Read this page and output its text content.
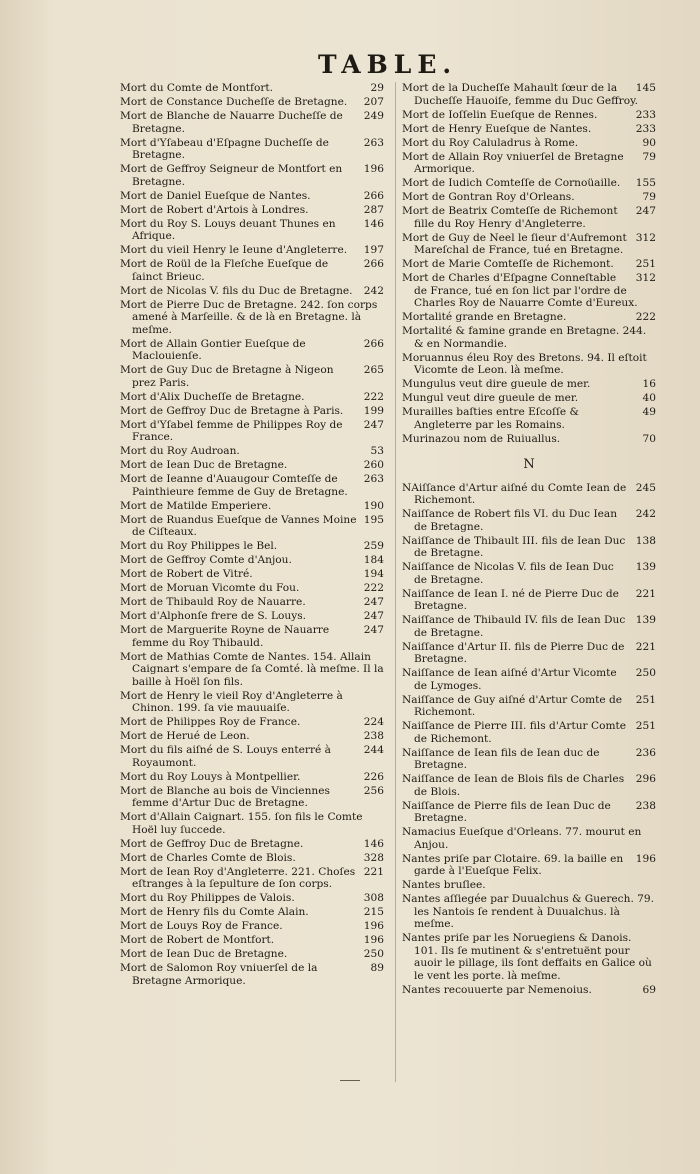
TABLE.

29
Mort du Comte de Montfort.

207
Mort de Constance Ducheſſe de Bretagne.

249
Mort de Blanche de Nauarre Ducheſſe de Bretagne.

263
Mort d'Yſabeau d'Eſpagne Ducheſſe de Bretagne.

196
Mort de Geffroy Seigneur de Montfort en Bretagne.

266
Mort de Daniel Eueſque de Nantes.

287
Mort de Robert d'Artois à Londres.

146
Mort du Roy S. Louys deuant Thunes en Afrique.

197
Mort du vieil Henry le Ieune d'Angleterre.

266
Mort de Roül de la Fleſche Eueſque de ſainct Brieuc.

242
Mort de Nicolas V. fils du Duc de Bretagne.

Mort de Pierre Duc de Bretagne. 242. ſon corps amené à Marſeille. & de là en Bretagne. là meſme.

266
Mort de Allain Gontier Eueſque de Maclouienſe.

265
Mort de Guy Duc de Bretagne à Nigeon prez Paris.

222
Mort d'Alix Ducheſſe de Bretagne.

199
Mort de Geffroy Duc de Bretagne à Paris.

247
Mort d'Yſabel femme de Philippes Roy de France.

53
Mort du Roy Audroan.

260
Mort de Iean Duc de Bretagne.

263
Mort de Ieanne d'Auaugour Comteſſe de Painthieure femme de Guy de Bretagne.

190
Mort de Matilde Emperiere.

195
Mort de Ruandus Eueſque de Vannes Moine de Ciſteaux.

259
Mort du Roy Philippes le Bel.

184
Mort de Geffroy Comte d'Anjou.

194
Mort de Robert de Vitré.

222
Mort de Moruan Vicomte du Fou.

247
Mort de Thibauld Roy de Nauarre.

247
Mort d'Alphonſe frere de S. Louys.

247
Mort de Marguerite Royne de Nauarre femme du Roy Thibauld.

Mort de Mathias Comte de Nantes. 154. Allain Caignart s'empare de ſa Comté. là meſme. Il la baille à Hoël ſon fils.

Mort de Henry le vieil Roy d'Angleterre à Chinon. 199. ſa vie mauuaiſe.

224
Mort de Philippes Roy de France.

238
Mort de Herué de Leon.

244
Mort du fils aiſné de S. Louys enterré à Royaumont.

226
Mort du Roy Louys à Montpellier.

256
Mort de Blanche au bois de Vinciennes femme d'Artur Duc de Bretagne.

Mort d'Allain Caignart. 155. ſon fils le Comte Hoël luy ſuccede.

146
Mort de Geffroy Duc de Bretagne.

328
Mort de Charles Comte de Blois.

221
Mort de Iean Roy d'Angleterre. 221. Choſes eſtranges à la ſepulture de ſon corps.

308
Mort du Roy Philippes de Valois.

215
Mort de Henry fils du Comte Alain.

196
Mort de Louys Roy de France.

196
Mort de Robert de Montfort.

250
Mort de Iean Duc de Bretagne.

89
Mort de Salomon Roy vniuerſel de la Bretagne Armorique.

145
Mort de la Ducheſſe Mahault ſœur de la Ducheſſe Hauoiſe, femme du Duc Geffroy.

233
Mort de Ioſſelin Eueſque de Rennes.

233
Mort de Henry Eueſque de Nantes.

90
Mort du Roy Caluladrus à Rome.

79
Mort de Allain Roy vniuerſel de Bretagne Armorique.

155
Mort de Iudich Comteſſe de Cornoüaille.

79
Mort de Gontran Roy d'Orleans.

247
Mort de Beatrix Comteſſe de Richemont fille du Roy Henry d'Angleterre.

312
Mort de Guy de Neel le ſieur d'Aufremont Mareſchal de France, tué en Bretagne.

251
Mort de Marie Comteſſe de Richemont.

312
Mort de Charles d'Eſpagne Conneſtable de France, tué en ſon lict par l'ordre de Charles Roy de Nauarre Comte d'Eureux.

222
Mortalité grande en Bretagne.

Mortalité & famine grande en Bretagne. 244. & en Normandie.

Moruannus éleu Roy des Bretons. 94. Il eſtoit Vicomte de Leon. là meſme.

16
Mungulus veut dire gueule de mer.

40
Mungul veut dire gueule de mer.

49
Murailles baſties entre Eſcoſſe & Angleterre par les Romains.

70
Murinazou nom de Ruiuallus.

N

245
NAiſſance d'Artur aiſné du Comte Iean de Richemont.

242
Naiſſance de Robert fils VI. du Duc Iean de Bretagne.

138
Naiſſance de Thibault III. fils de Iean Duc de Bretagne.

139
Naiſſance de Nicolas V. fils de Iean Duc de Bretagne.

221
Naiſſance de Iean I. né de Pierre Duc de Bretagne.

139
Naiſſance de Thibauld IV. fils de Iean Duc de Bretagne.

221
Naiſſance d'Artur II. fils de Pierre Duc de Bretagne.

250
Naiſſance de Iean aiſné d'Artur Vicomte de Lymoges.

251
Naiſſance de Guy aiſné d'Artur Comte de Richemont.

251
Naiſſance de Pierre III. fils d'Artur Comte de Richemont.

236
Naiſſance de Iean fils de Iean duc de Bretagne.

296
Naiſſance de Iean de Blois fils de Charles de Blois.

238
Naiſſance de Pierre fils de Iean Duc de Bretagne.

Namacius Eueſque d'Orleans. 77. mourut en Anjou.

196
Nantes priſe par Clotaire. 69. la baille en garde à l'Eueſque Felix.

Nantes bruſlee.

Nantes aſſiegée par Duualchus & Guerech. 79. les Nantois ſe rendent à Duualchus. là meſme.

Nantes priſe par les Noruegiens & Danois. 101. Ils ſe mutinent & s'entretuënt pour auoir le pillage, ils ſont deffaits en Galice où le vent les porte. là meſme.

69
Nantes recouuerte par Nemenoius.
